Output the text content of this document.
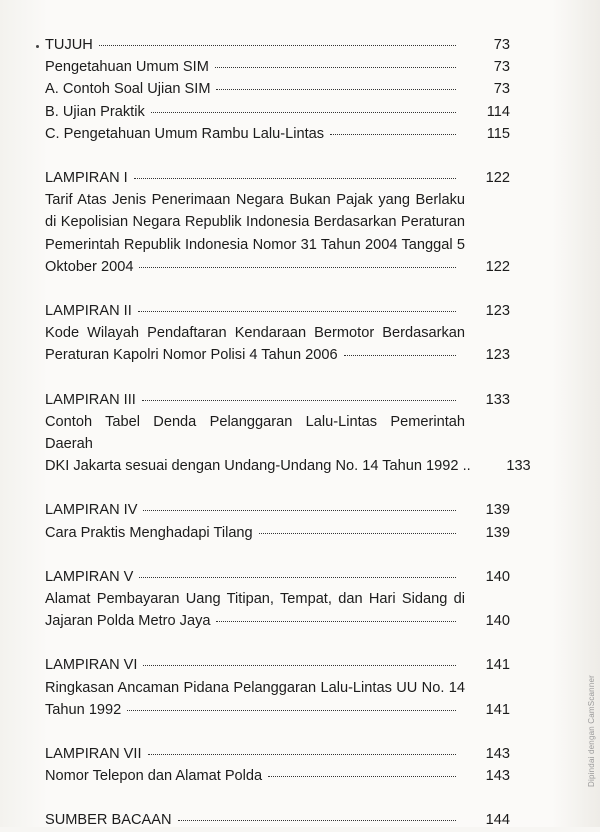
TUJUH	73
Pengetahuan Umum SIM	73
A. Contoh Soal Ujian SIM	73
B. Ujian Praktik	114
C. Pengetahuan Umum Rambu Lalu-Lintas	115
LAMPIRAN I	122
Tarif Atas Jenis Penerimaan Negara Bukan Pajak yang Berlaku
di Kepolisian Negara Republik Indonesia Berdasarkan Peraturan
Pemerintah Republik Indonesia Nomor 31 Tahun 2004 Tanggal 5
Oktober 2004	122
LAMPIRAN II	123
Kode Wilayah Pendaftaran Kendaraan Bermotor Berdasarkan
Peraturan Kapolri Nomor Polisi 4 Tahun 2006	123
LAMPIRAN III	133
Contoh Tabel Denda Pelanggaran Lalu-Lintas Pemerintah Daerah
DKI Jakarta sesuai dengan Undang-Undang No. 14 Tahun 1992 ..	133
LAMPIRAN IV	139
Cara Praktis Menghadapi Tilang	139
LAMPIRAN V	140
Alamat Pembayaran Uang Titipan, Tempat, dan Hari Sidang di
Jajaran Polda Metro Jaya	140
LAMPIRAN VI	141
Ringkasan Ancaman Pidana Pelanggaran Lalu-Lintas UU No. 14
Tahun 1992	141
LAMPIRAN VII	143
Nomor Telepon dan Alamat Polda	143
SUMBER BACAAN	144
Dipindai dengan CamScanner
